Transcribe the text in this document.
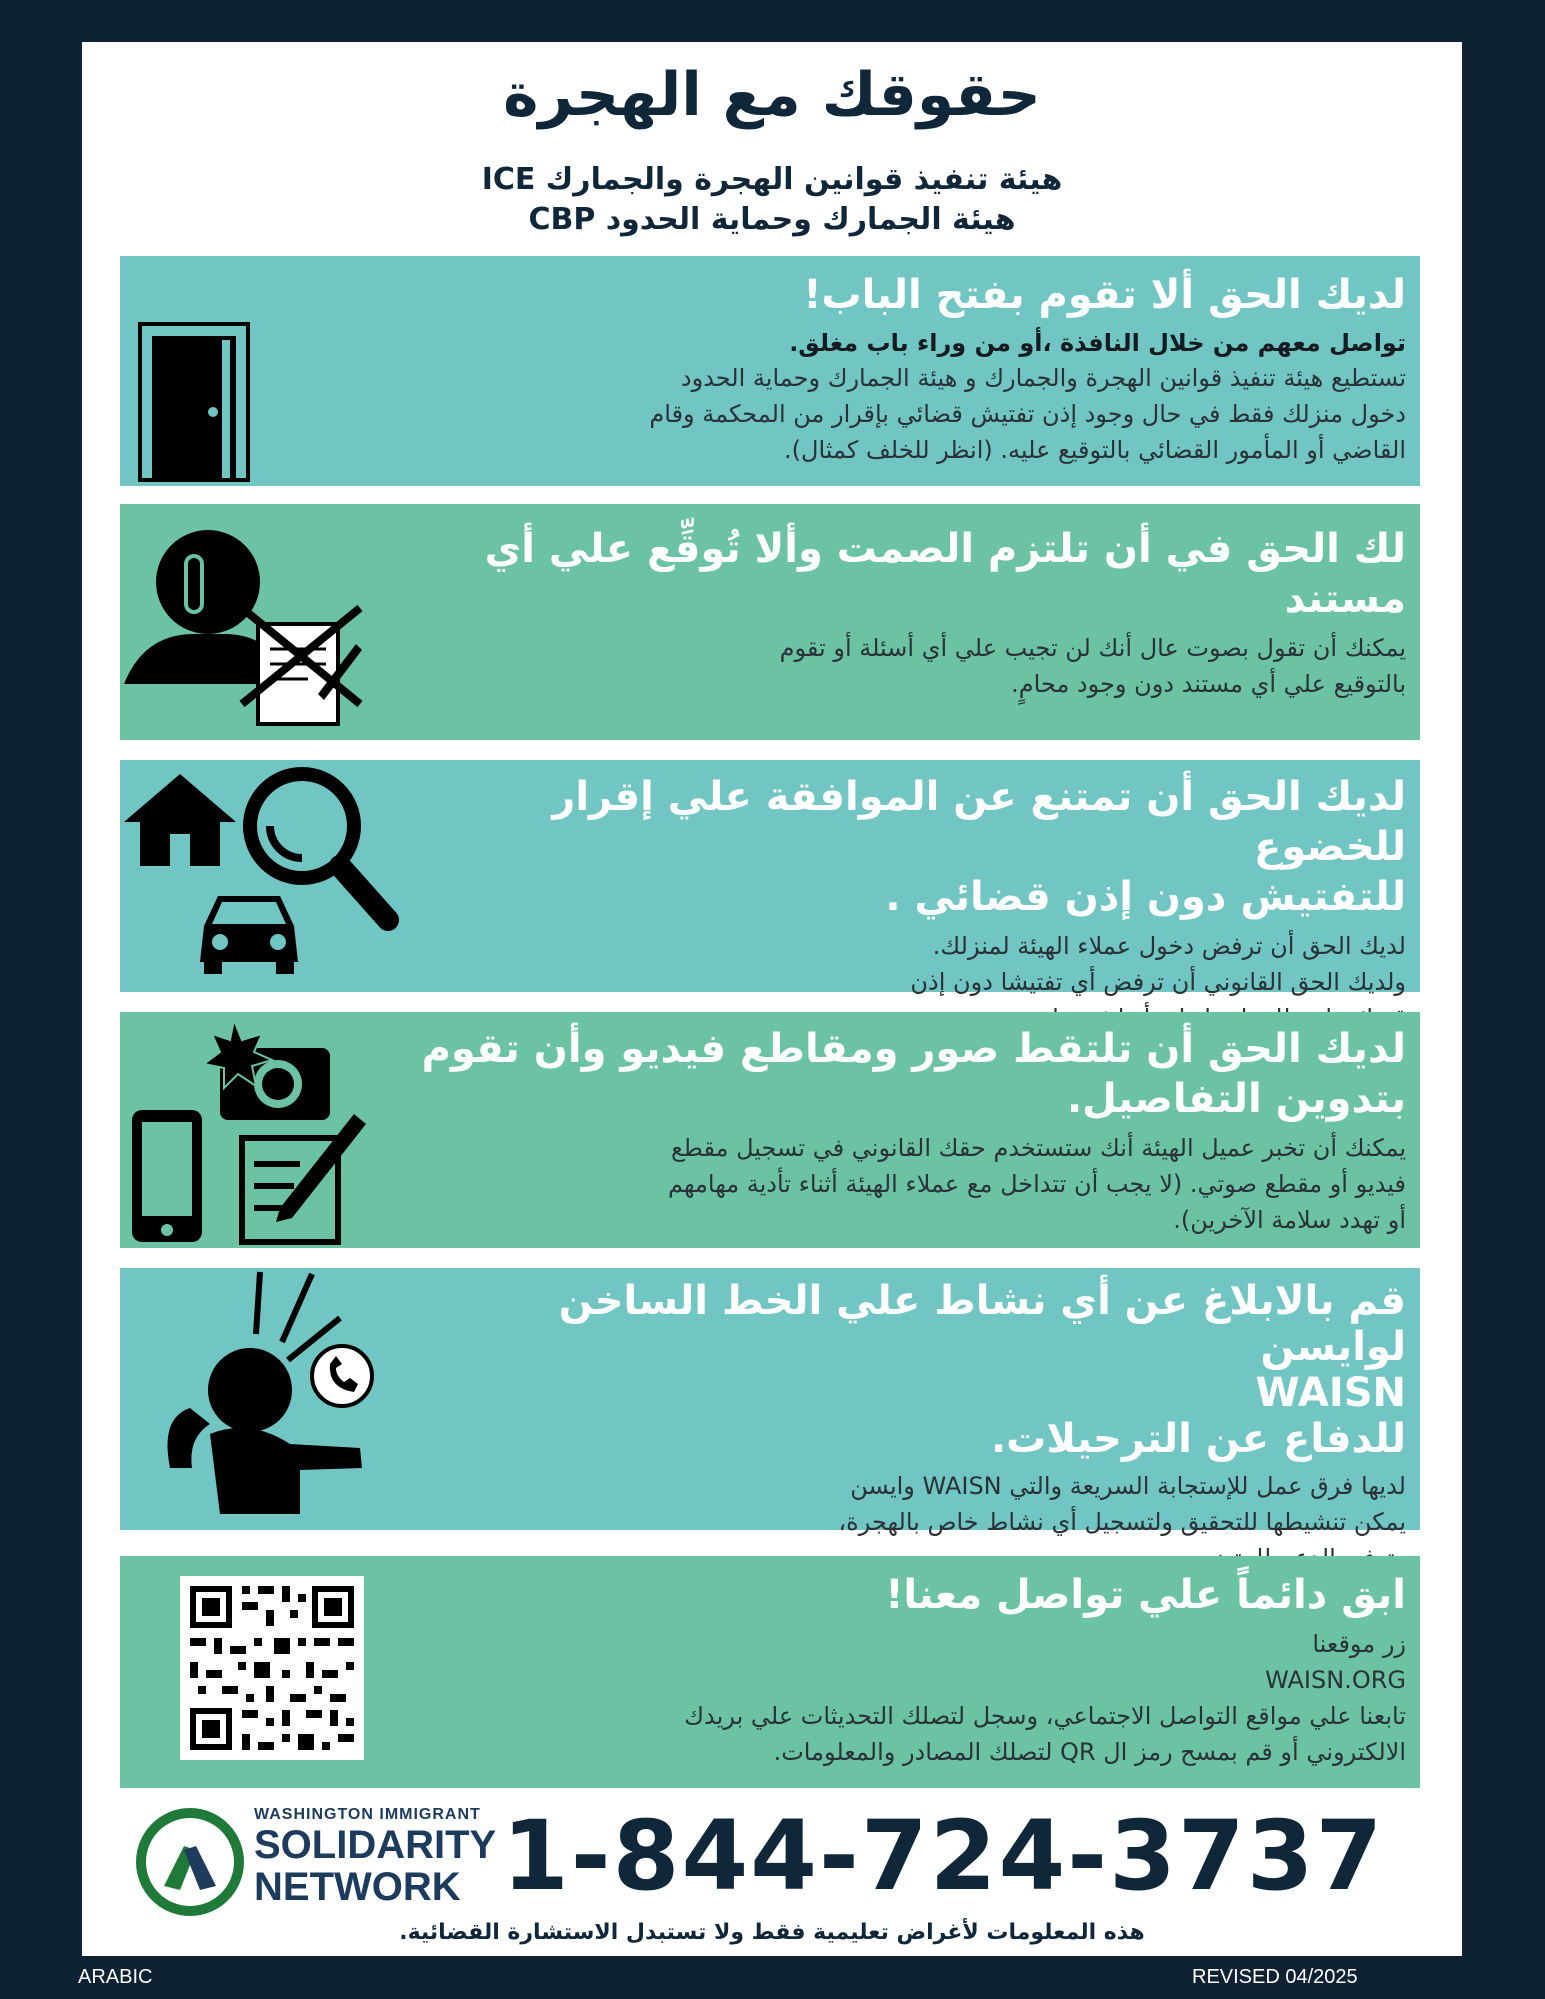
حقوقك مع الهجرة
هيئة تنفيذ قوانين الهجرة والجمارك ICE
هيئة الجمارك وحماية الحدود CBP
لديك الحق ألا تقوم بفتح الباب!
تواصل معهم من خلال النافذة ،أو من وراء باب مغلق.
تستطيع هيئة تنفيذ قوانين الهجرة والجمارك و هيئة الجمارك وحماية الحدود
دخول منزلك فقط في حال وجود إذن تفتيش قضائي بإقرار من المحكمة وقام
القاضي أو المأمور القضائي بالتوقيع عليه. (انظر للخلف كمثال).
لك الحق في أن تلتزم الصمت وألا تُوقِّع علي أي مستند
يمكنك أن تقول بصوت عال أنك لن تجيب علي أي أسئلة أو تقوم
بالتوقيع علي أي مستند دون وجود محامٍ.
لديك الحق أن تمتنع عن الموافقة علي إقرار للخضوع
للتفتيش دون إذن قضائي .
لديك الحق أن ترفض دخول عملاء الهيئة لمنزلك.
ولديك الحق القانوني أن ترفض أي تفتيشا دون إذن
لديك الحق أن تلتقط صور ومقاطع فيديو وأن تقوم
بتدوين التفاصيل.
يمكنك أن تخبر عميل الهيئة أنك ستستخدم حقك القانوني في تسجيل مقطع
فيديو أو مقطع صوتي. (لا يجب أن تتداخل مع عملاء الهيئة أثناء تأدية مهامهم
أو تهدد سلامة الآخرين).
قم بالابلاغ عن أي نشاط علي الخط الساخن لوايسن
WAISN
للدفاع عن الترحيلات.
لديها فرق عمل للإستجابة السريعة والتي WAISN وايسن
يمكن تنشيطها للتحقيق ولتسجيل أي نشاط خاص بالهجرة،
ابق دائماً علي تواصل معنا!
زر موقعنا
WAISN.ORG
تابعنا علي مواقع التواصل الاجتماعي، وسجل لتصلك التحديثات علي بريدك
الالكتروني أو قم بمسح رمز ال QR لتصلك المصادر والمعلومات.
WASHINGTON IMMIGRANT
SOLIDARITY
NETWORK 1-844-724-3737
هذه المعلومات لأغراض تعليمية فقط ولا تستبدل الاستشارة القضائية.
ARABIC	REVISED 04/2025
